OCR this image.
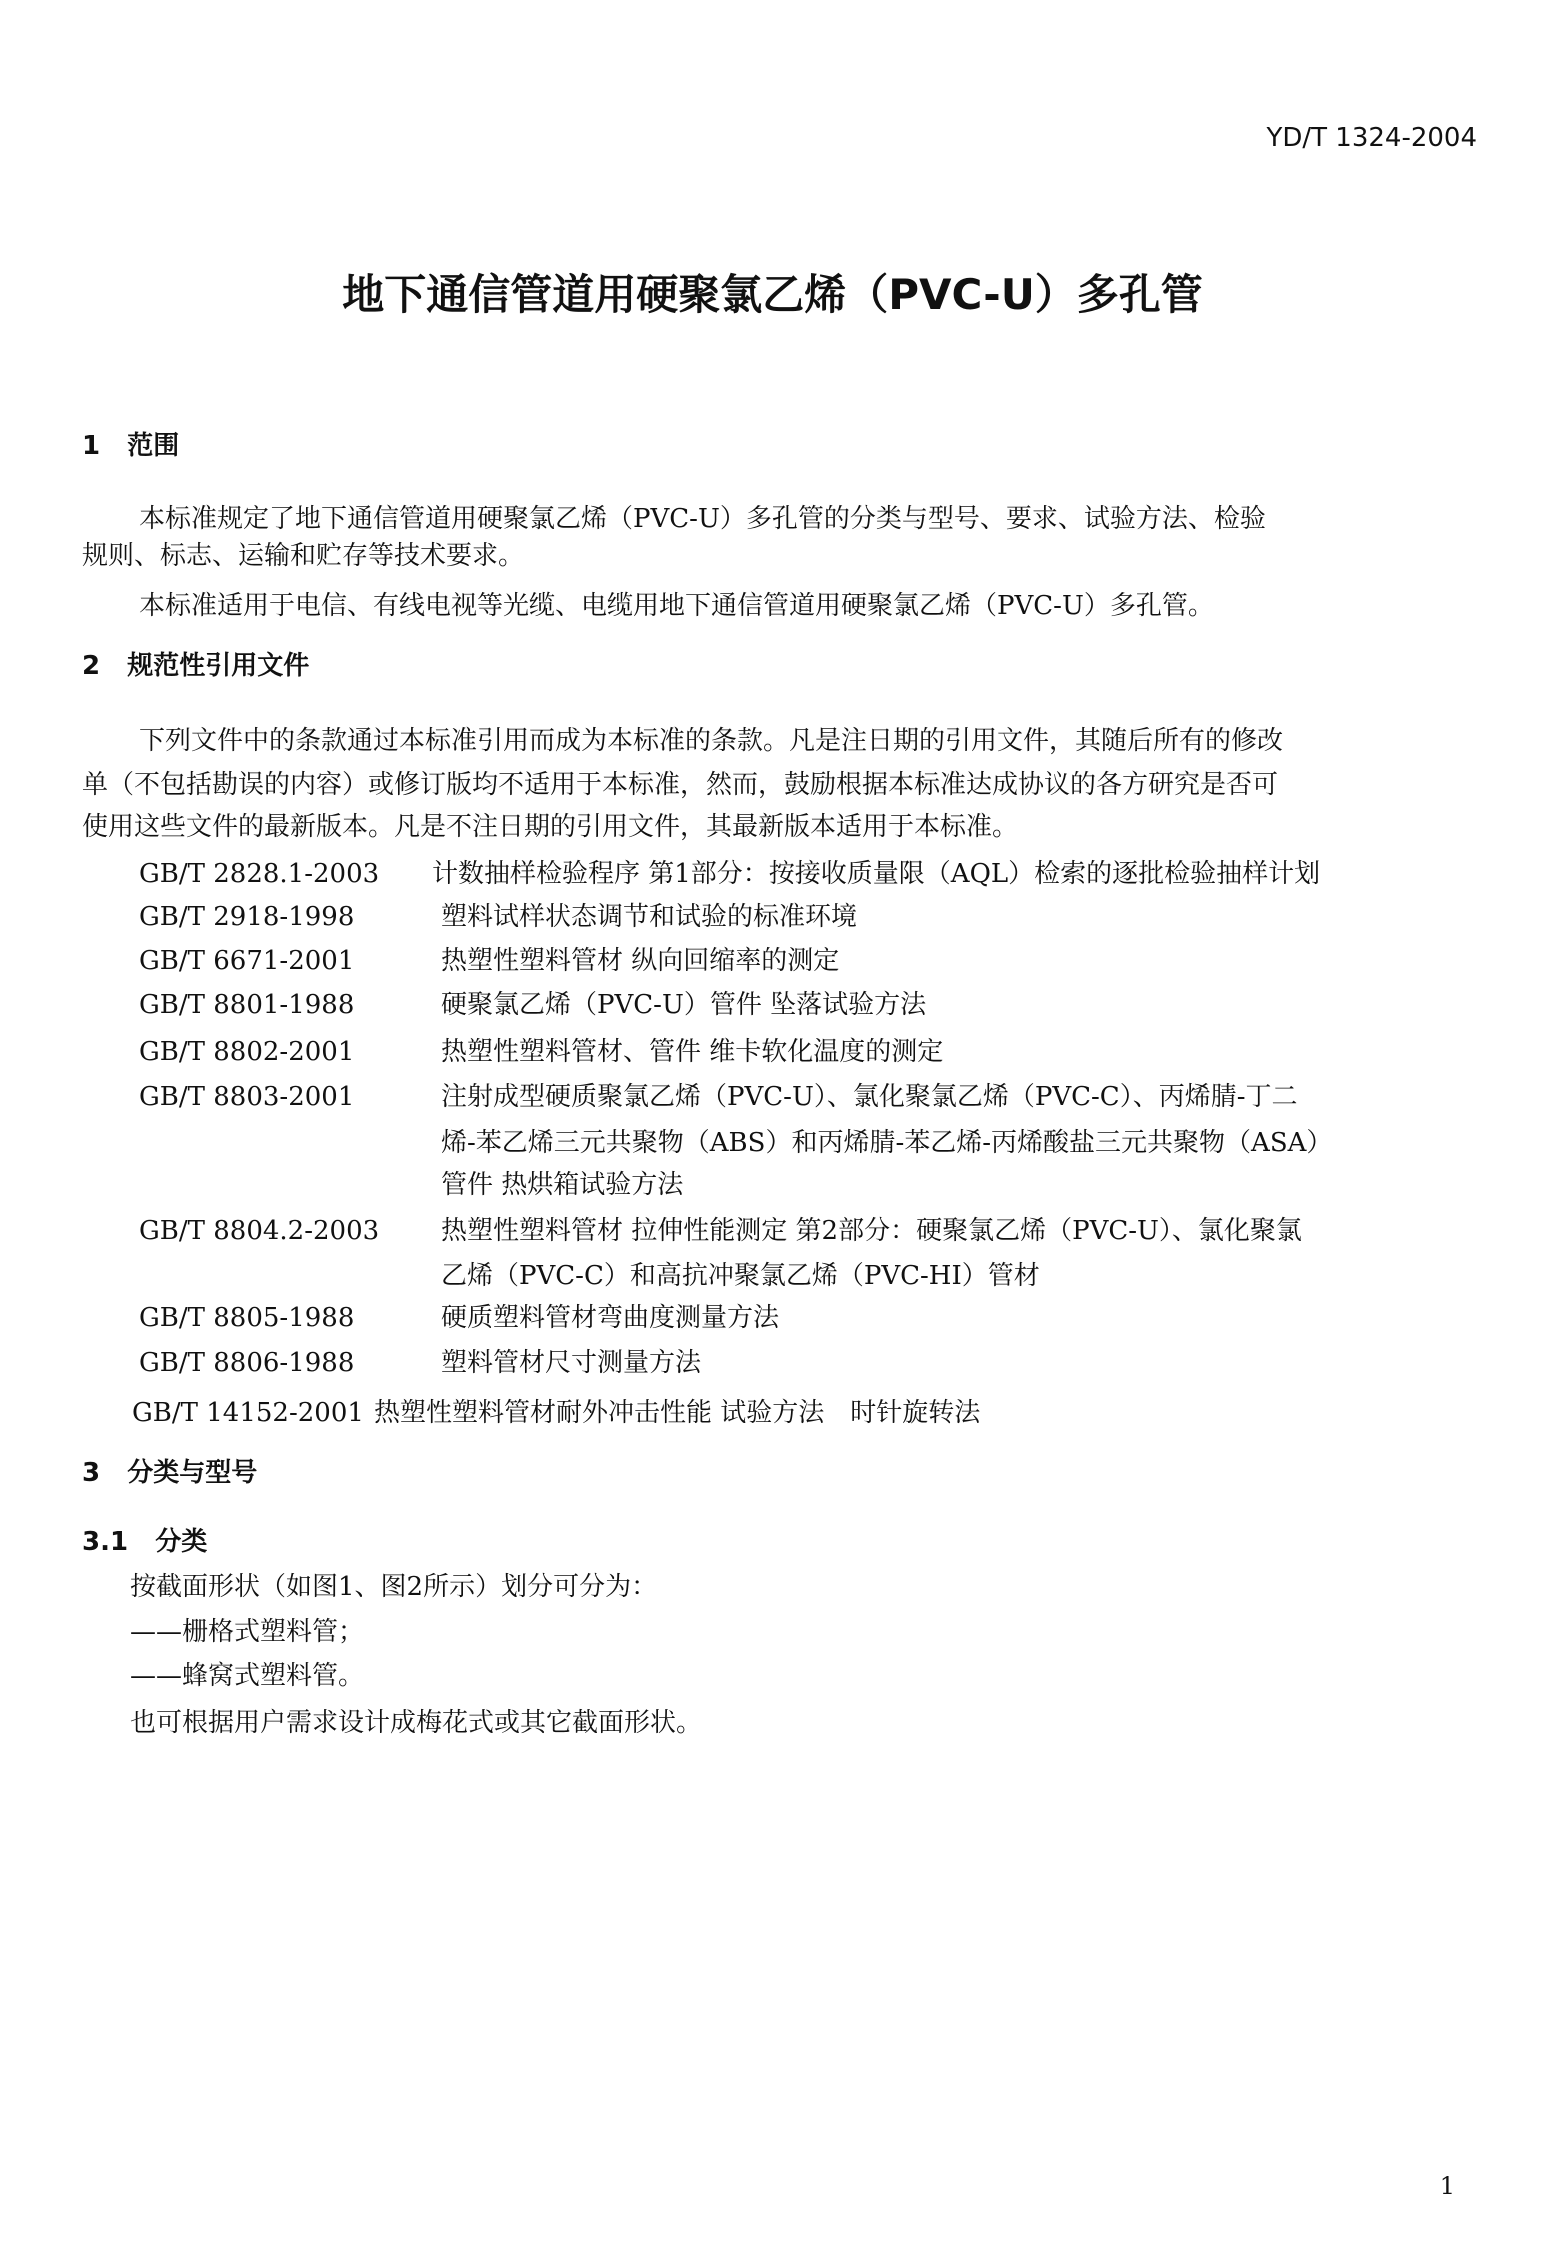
YD/T 1324-2004
地下通信管道用硬聚氯乙烯（PVC-U）多孔管
1 范围
本标准规定了地下通信管道用硬聚氯乙烯（PVC-U）多孔管的分类与型号、要求、试验方法、检验
规则、标志、运输和贮存等技术要求。
本标准适用于电信、有线电视等光缆、电缆用地下通信管道用硬聚氯乙烯（PVC-U）多孔管。
2 规范性引用文件
下列文件中的条款通过本标准引用而成为本标准的条款。凡是注日期的引用文件，其随后所有的修改
单（不包括勘误的内容）或修订版均不适用于本标准，然而，鼓励根据本标准达成协议的各方研究是否可
使用这些文件的最新版本。凡是不注日期的引用文件，其最新版本适用于本标准。
GB/T 2828.1-2003 计数抽样检验程序 第1部分：按接收质量限（AQL）检索的逐批检验抽样计划
GB/T 2918-1998	塑料试样状态调节和试验的标准环境
GB/T 6671-2001	热塑性塑料管材 纵向回缩率的测定
GB/T 8801-1988	硬聚氯乙烯（PVC-U）管件 坠落试验方法
GB/T 8802-2001	热塑性塑料管材、管件 维卡软化温度的测定
GB/T 8803-2001	注射成型硬质聚氯乙烯（PVC-U）、氯化聚氯乙烯（PVC-C）、丙烯腈-丁二
烯-苯乙烯三元共聚物（ABS）和丙烯腈-苯乙烯-丙烯酸盐三元共聚物（ASA）
管件 热烘箱试验方法
GB/T 8804.2-2003 热塑性塑料管材 拉伸性能测定 第2部分：硬聚氯乙烯（PVC-U）、氯化聚氯
乙烯（PVC-C）和高抗冲聚氯乙烯（PVC-HI）管材
GB/T 8805-1988	硬质塑料管材弯曲度测量方法
GB/T 8806-1988	塑料管材尺寸测量方法
GB/T 14152-2001 热塑性塑料管材耐外冲击性能 试验方法　时针旋转法
3 分类与型号
3.1 分类
按截面形状（如图1、图2所示）划分可分为：
——栅格式塑料管；
——蜂窝式塑料管。
也可根据用户需求设计成梅花式或其它截面形状。
1
